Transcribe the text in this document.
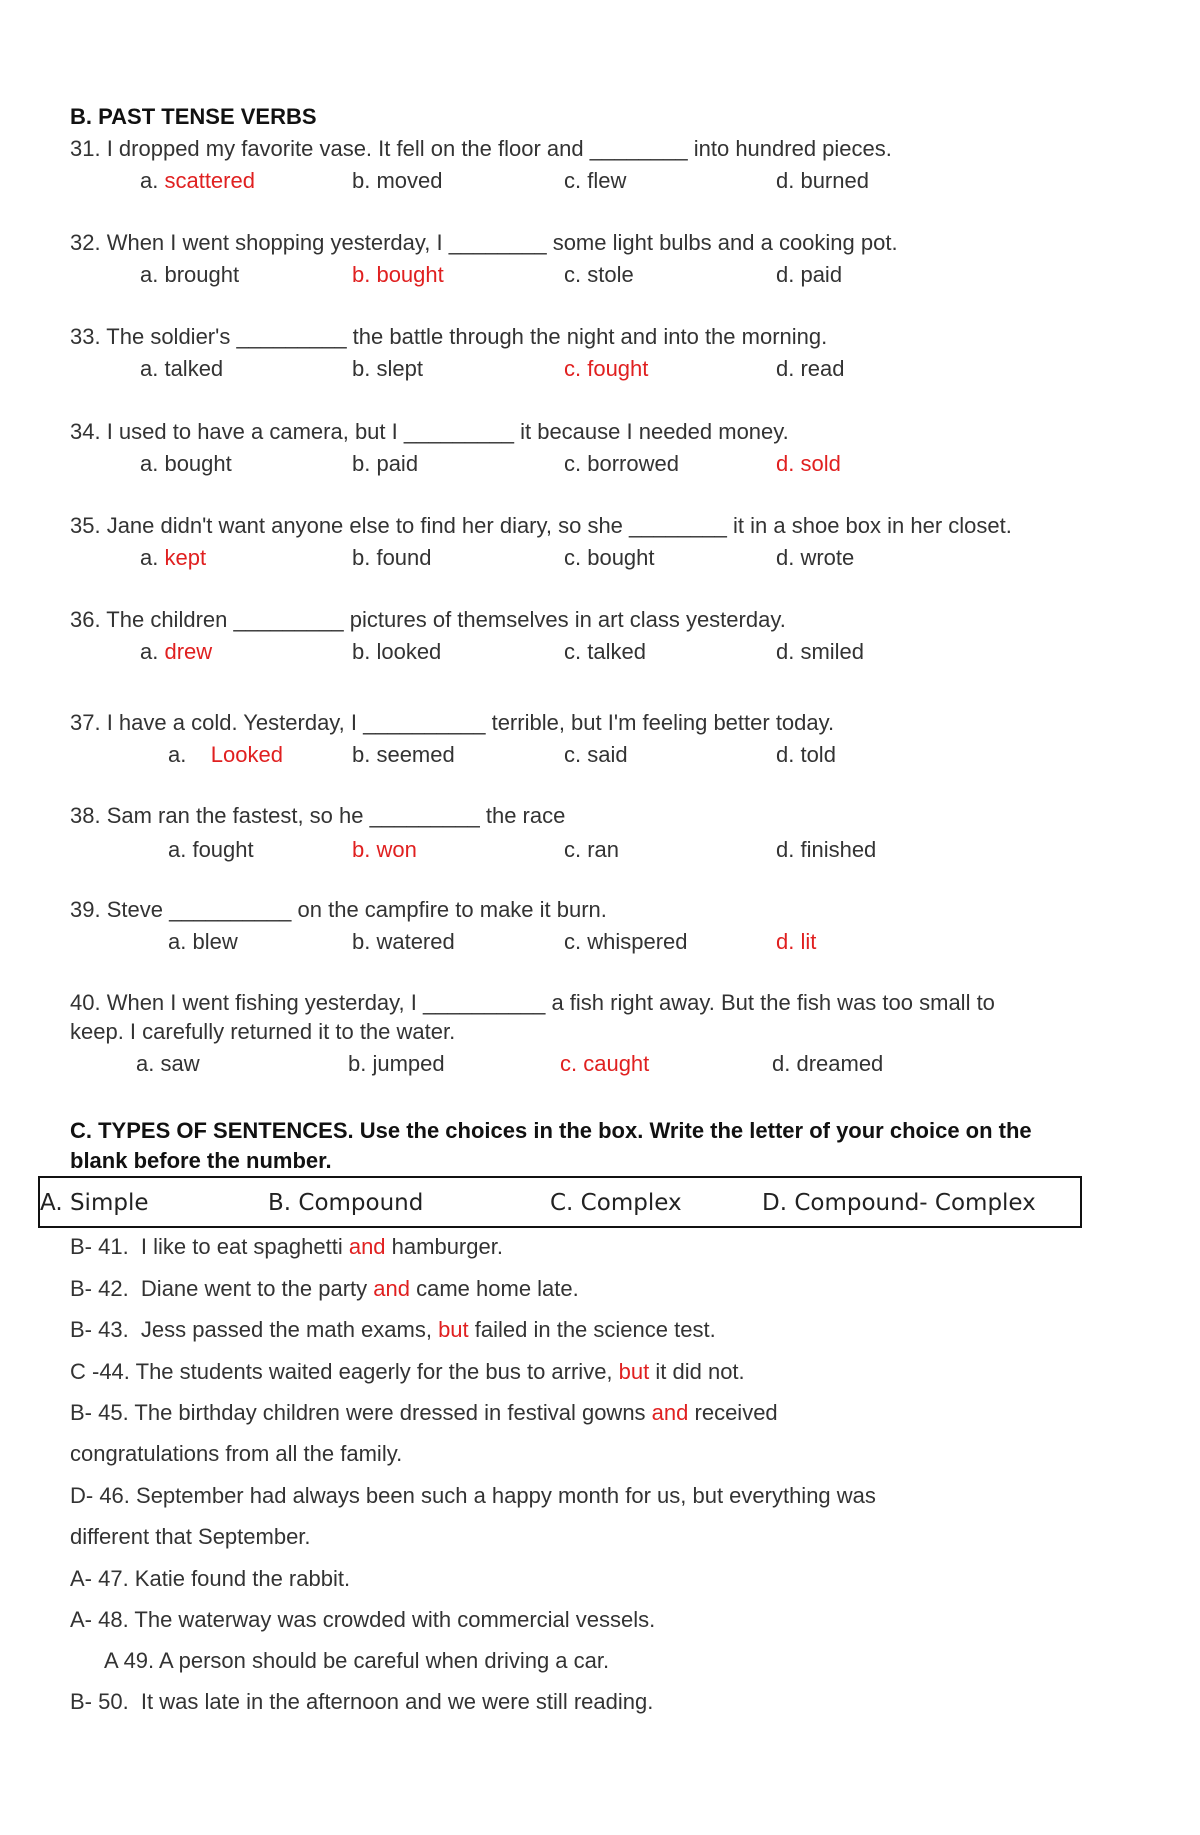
B. PAST TENSE VERBS
31. I dropped my favorite vase. It fell on the floor and ________ into hundred pieces.
a. scattered	b. moved	c. flew	d. burned
32. When I went shopping yesterday, I ________ some light bulbs and a cooking pot.
a. brought	b. bought	c. stole	d. paid
33. The soldier's _________ the battle through the night and into the morning.
a. talked	b. slept	c. fought	d. read
34. I used to have a camera, but I _________ it because I needed money.
a. bought	b. paid	c. borrowed	d. sold
35. Jane didn't want anyone else to find her diary, so she ________ it in a shoe box in her closet.
a. kept	b. found	c. bought	d. wrote
36. The children _________ pictures of themselves in art class yesterday.
a. drew	b. looked	c. talked	d. smiled
37. I have a cold. Yesterday, I __________ terrible, but I'm feeling better today.
a.    Looked	b. seemed	c. said	d. told
38. Sam ran the fastest, so he _________ the race
a. fought	b. won	c. ran	d. finished
39. Steve __________ on the campfire to make it burn.
a. blew	b. watered	c. whispered	d. lit
40. When I went fishing yesterday, I __________ a fish right away. But the fish was too small to
keep. I carefully returned it to the water.
a. saw	b. jumped	c. caught	d. dreamed
C. TYPES OF SENTENCES. Use the choices in the box. Write the letter of your choice on the
blank before the number.
A. Simple	B. Compound	C. Complex	D. Compound- Complex
B- 41.  I like to eat spaghetti and hamburger.
B- 42.  Diane went to the party and came home late.
B- 43.  Jess passed the math exams, but failed in the science test.
C -44. The students waited eagerly for the bus to arrive, but it did not.
B- 45. The birthday children were dressed in festival gowns and received
congratulations from all the family.
D- 46. September had always been such a happy month for us, but everything was
different that September.
A- 47. Katie found the rabbit.
A- 48. The waterway was crowded with commercial vessels.
A 49. A person should be careful when driving a car.
B- 50.  It was late in the afternoon and we were still reading.
